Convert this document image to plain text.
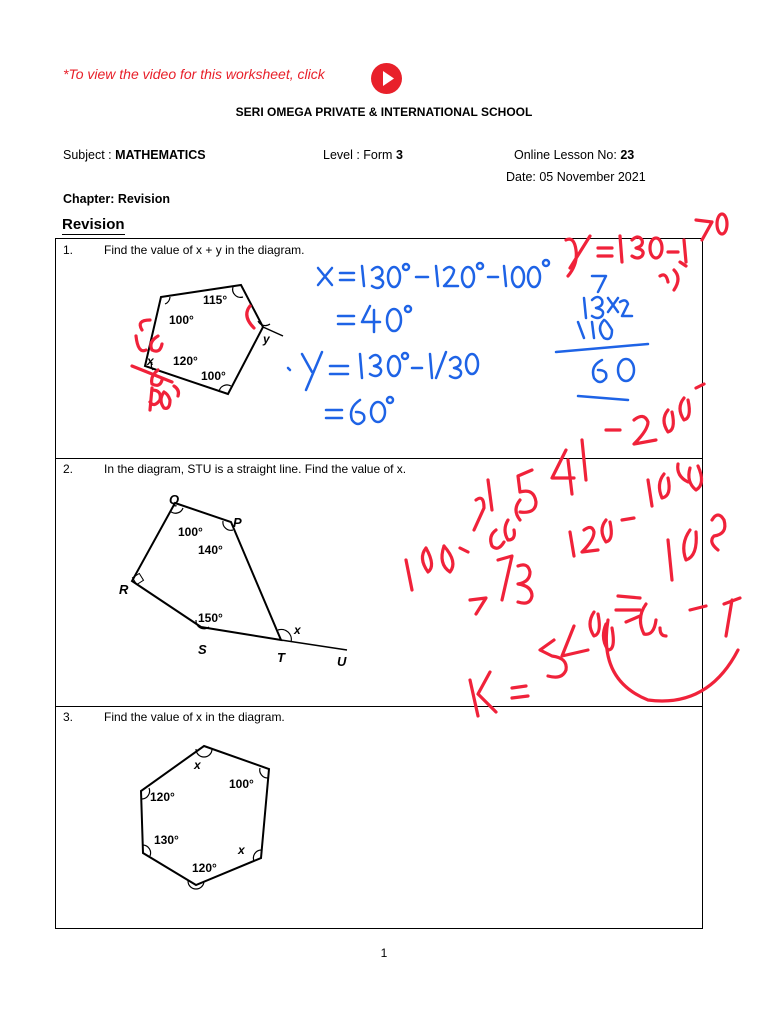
*To view the video for this worksheet, click
SERI OMEGA PRIVATE & INTERNATIONAL SCHOOL
Subject : MATHEMATICS	Level : Form 3	Online Lesson No: 23
Date: 05 November 2021
Chapter: Revision
Revision
1.	Find the value of x + y in the diagram.
2.	In the diagram, STU is a straight line. Find the value of x.
3.	Find the value of x in the diagram.
115°
100°
y
x 120°
100°
Q
P
R
S
T	U
100°
140°
150°
x
x
100°
120°
130°
x
120°
1
